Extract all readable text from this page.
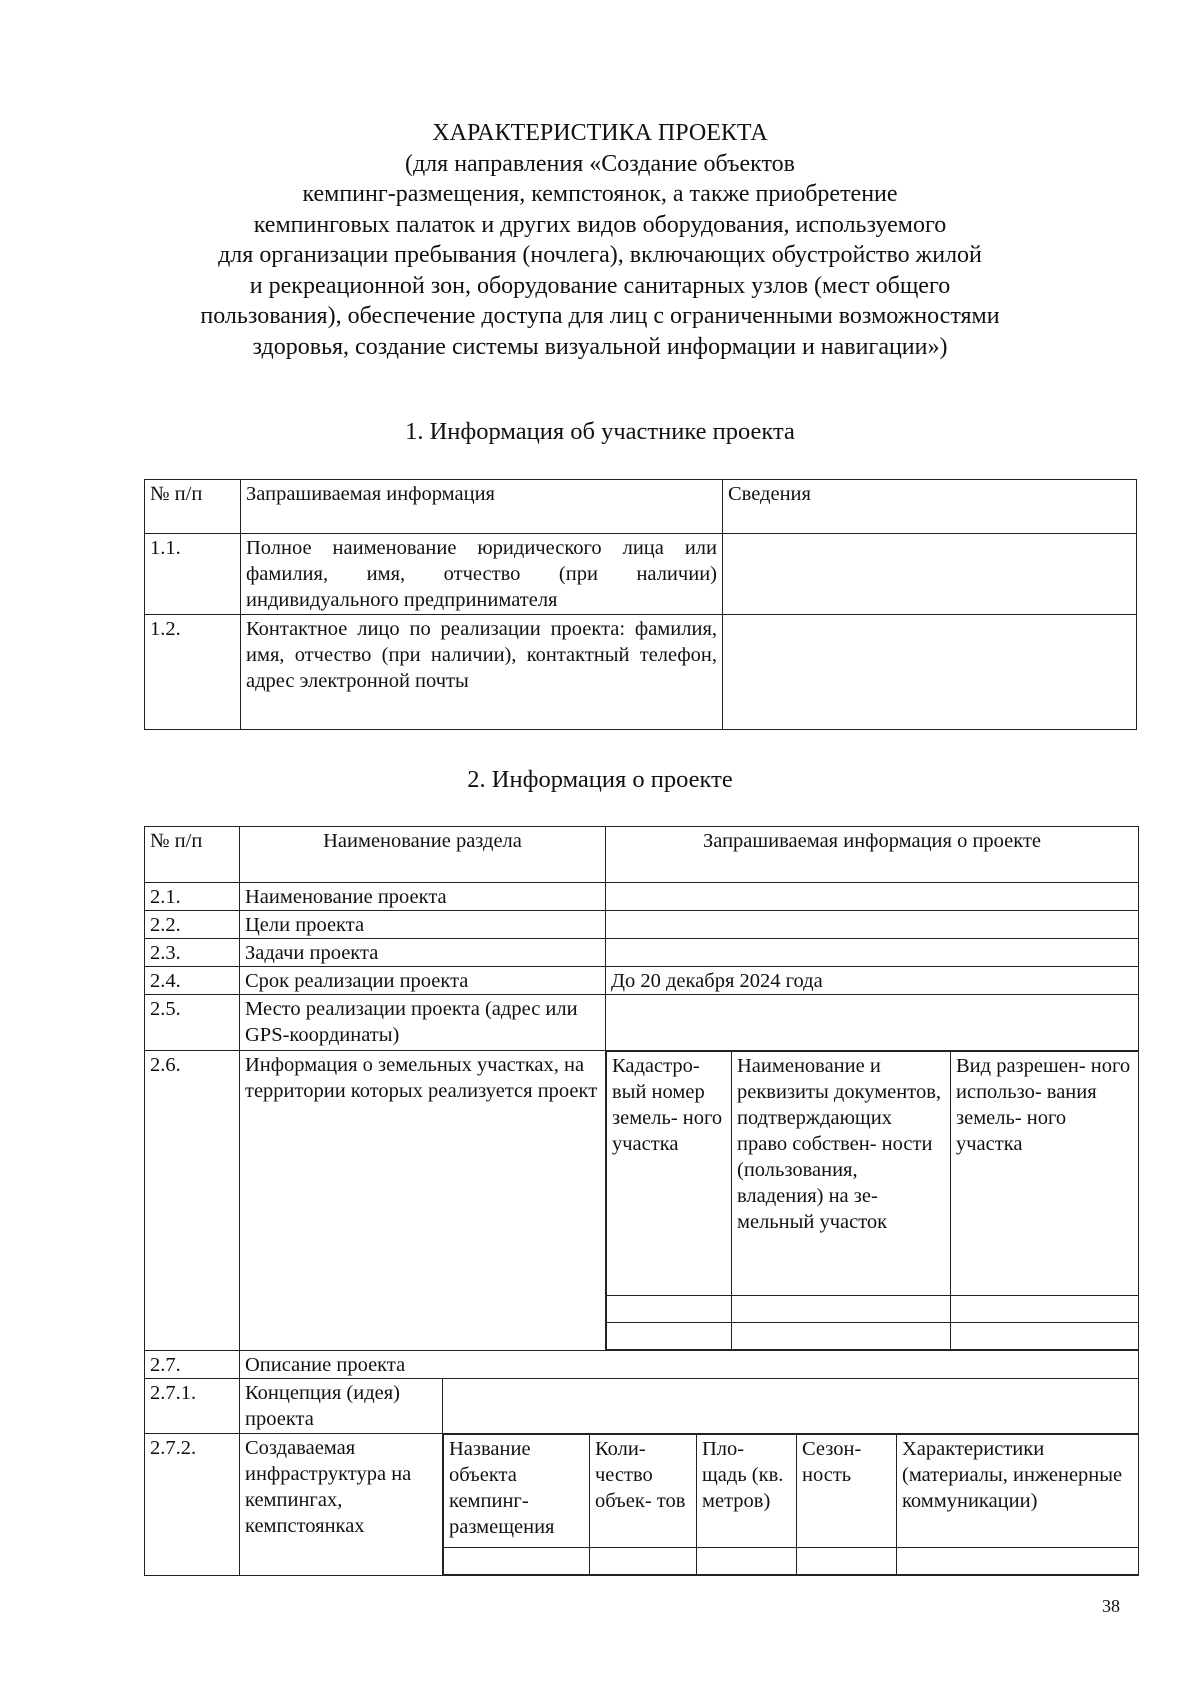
ХАРАКТЕРИСТИКА ПРОЕКТА
(для направления «Создание объектов
кемпинг-размещения, кемпстоянок, а также приобретение
кемпинговых палаток и других видов оборудования, используемого
для организации пребывания (ночлега), включающих обустройство жилой
и рекреационной зон, оборудование санитарных узлов (мест общего
пользования), обеспечение доступа для лиц с ограниченными возможностями
здоровья, создание системы визуальной информации и навигации»)
1. Информация об участнике проекта
№ п/п	Запрашиваемая информация	Сведения
1.1.	Полное наименование юридического лица или фамилия, имя, отчество (при наличии) индивидуального предпринимателя	
1.2.	Контактное лицо по реализации проекта: фамилия, имя, отчество (при наличии), контактный телефон, адрес электронной почты	
2. Информация о проекте
№ п/п	Наименование раздела	Запрашиваемая информация о проекте
2.1.	Наименование проекта	
2.2.	Цели проекта	
2.3.	Задачи проекта	
2.4.	Срок реализации проекта	До 20 декабря 2024 года
2.5.	Место реализации проекта (адрес или GPS-координаты)	
2.6.	Информация о земельных участках, на территории которых реализуется проект	
Кадастро- вый номер земель- ного участка	Наименование и реквизиты документов, подтверждающих право собствен- ности (пользования, владения) на зе- мельный участок	Вид разрешен- ного использо- вания земель- ного участка

2.7.	Описание проекта
2.7.1.	Концепция (идея) проекта	
2.7.2.	Создаваемая инфраструктура на кемпингах, кемпстоянках	
Название объекта кемпинг- размещения	Коли- чество объек- тов	Пло- щадь (кв. метров)	Сезон- ность	Характеристики (материалы, инженерные коммуникации)

38
